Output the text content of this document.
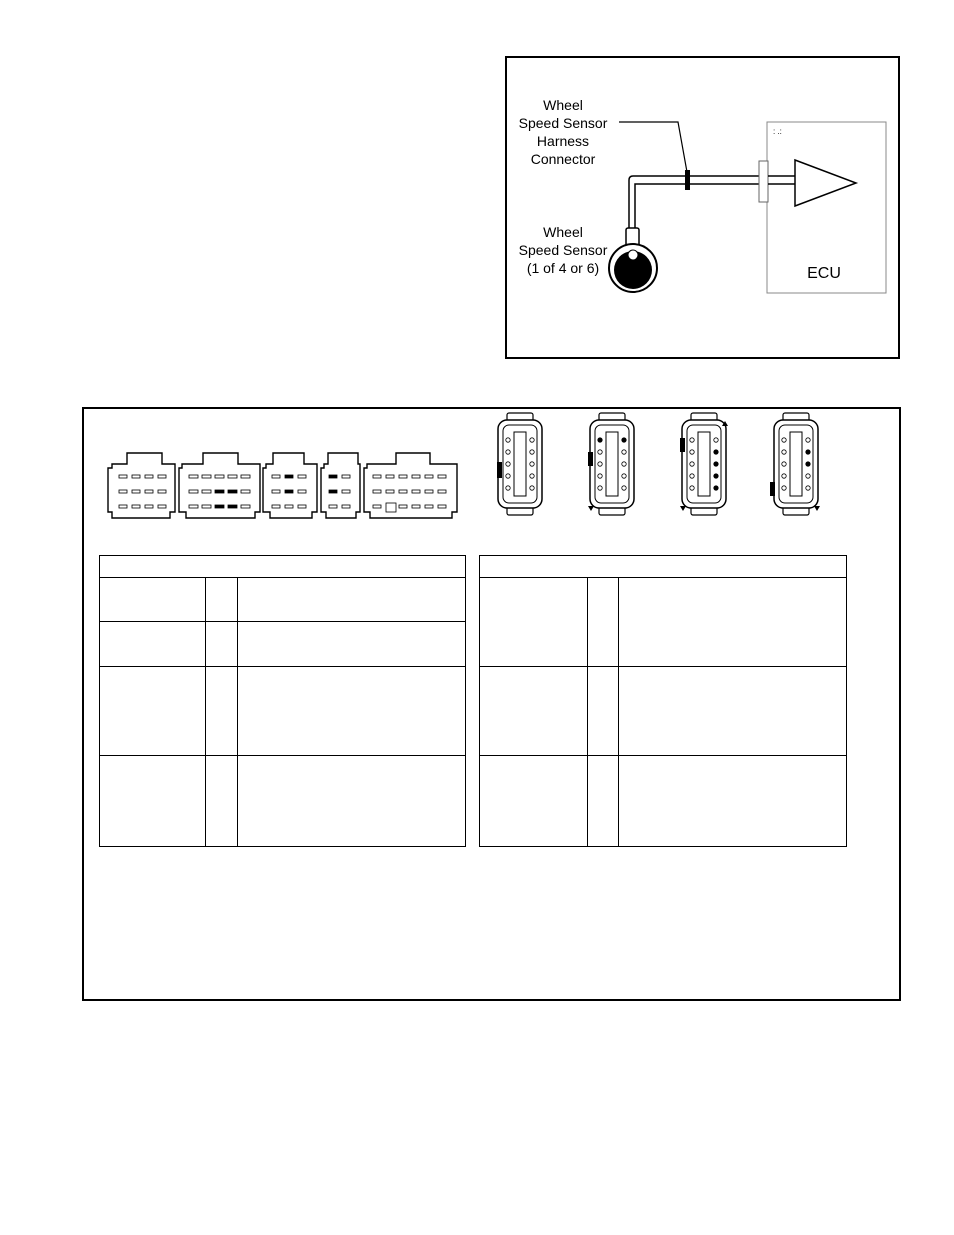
Wheel
Speed Sensor
Harness
Connector
Wheel
Speed Sensor
(1 of 4 or 6)
: .:
ECU
